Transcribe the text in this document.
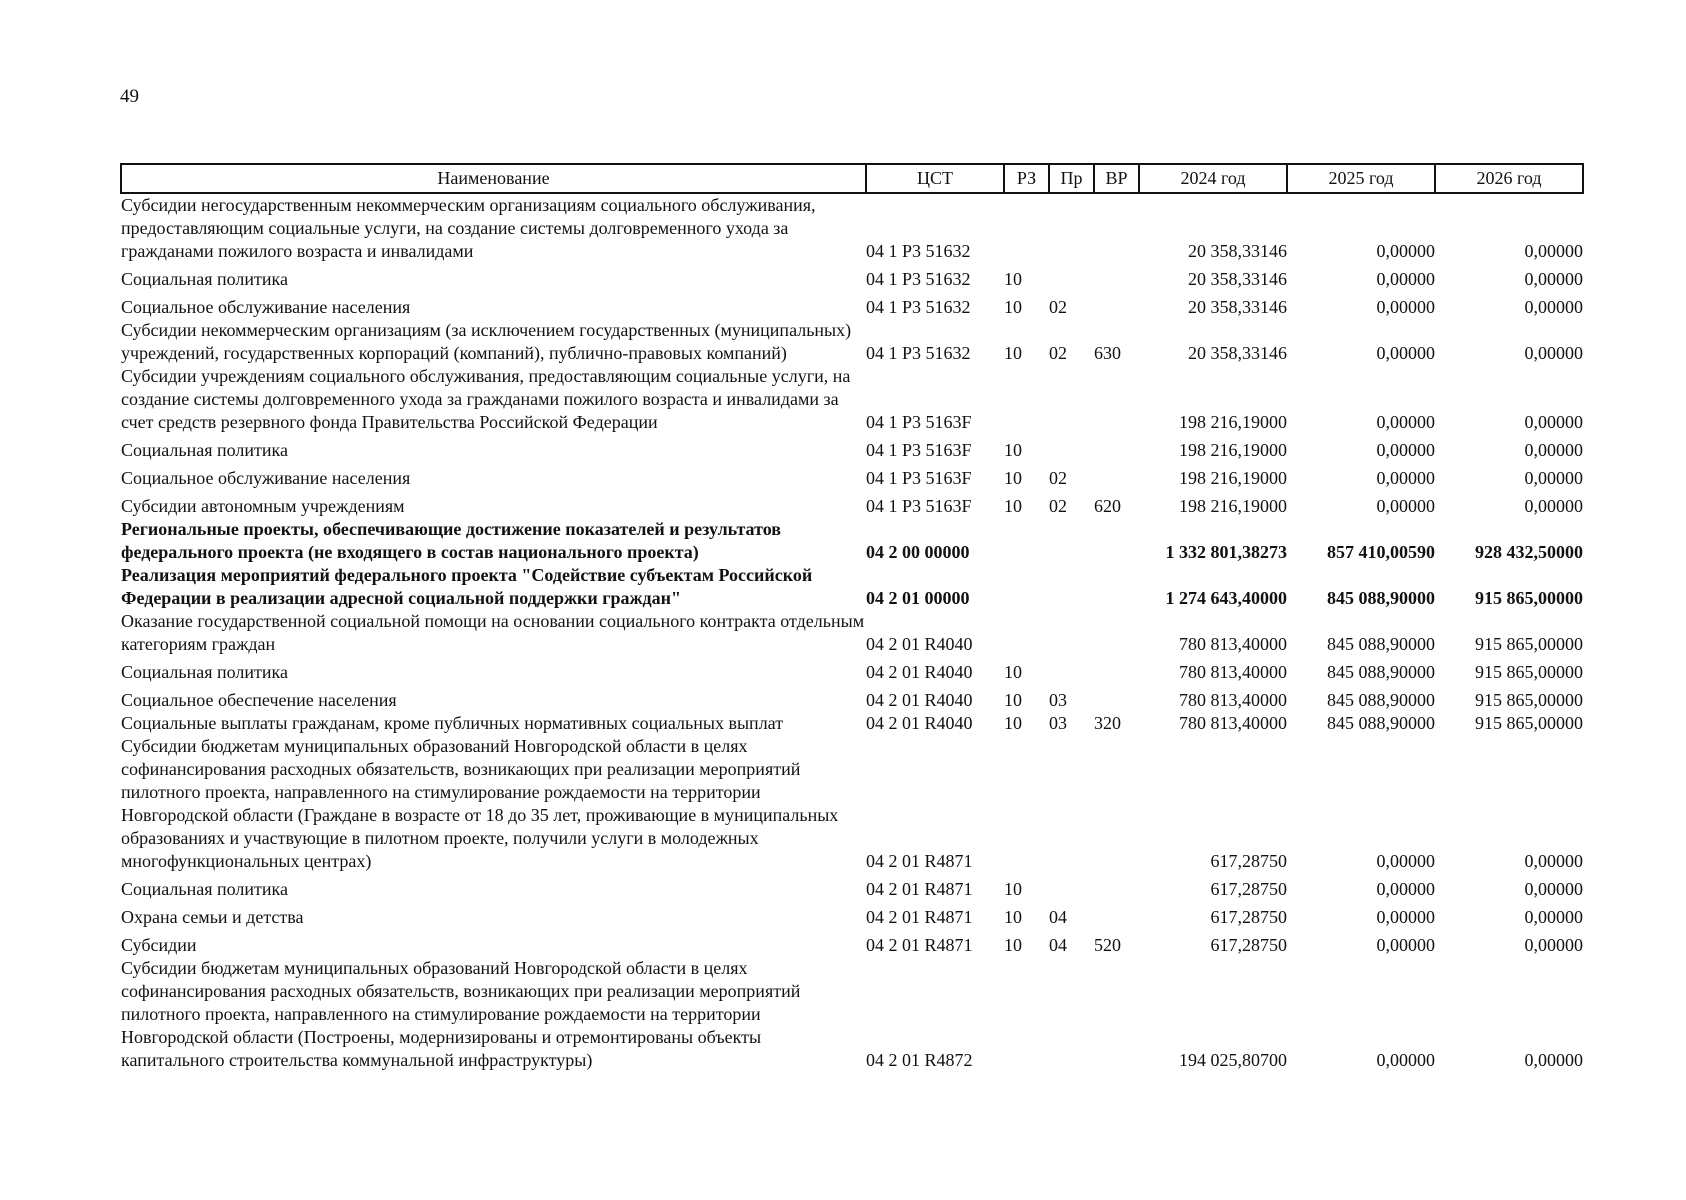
49
Наименование	ЦСТ	РЗ	Пр	ВР	2024 год	2025 год	2026 год
Субсидии негосударственным некоммерческим организациям социального обслуживания, предоставляющим социальные услуги, на создание системы долговременного ухода за гражданами пожилого возраста и инвалидами	04 1 Р3 51632				20 358,33146	0,00000	0,00000
Социальная политика	04 1 Р3 51632	10			20 358,33146	0,00000	0,00000
Социальное обслуживание населения	04 1 Р3 51632	10	02		20 358,33146	0,00000	0,00000
Субсидии некоммерческим организациям (за исключением государственных (муниципальных) учреждений, государственных корпораций (компаний), публично-правовых компаний)	04 1 Р3 51632	10	02	630	20 358,33146	0,00000	0,00000
Субсидии учреждениям социального обслуживания, предоставляющим социальные услуги, на создание системы долговременного ухода за гражданами пожилого возраста и инвалидами за счет средств резервного фонда Правительства Российской Федерации	04 1 Р3 5163F				198 216,19000	0,00000	0,00000
Социальная политика	04 1 Р3 5163F	10			198 216,19000	0,00000	0,00000
Социальное обслуживание населения	04 1 Р3 5163F	10	02		198 216,19000	0,00000	0,00000
Субсидии автономным учреждениям	04 1 Р3 5163F	10	02	620	198 216,19000	0,00000	0,00000
Региональные проекты, обеспечивающие достижение показателей и результатов федерального проекта (не входящего в состав национального проекта)	04 2 00 00000				1 332 801,38273	857 410,00590	928 432,50000
Реализация мероприятий федерального проекта "Содействие субъектам Российской Федерации в реализации адресной социальной поддержки граждан"	04 2 01 00000				1 274 643,40000	845 088,90000	915 865,00000
Оказание государственной социальной помощи на основании социального контракта отдельным категориям граждан	04 2 01 R4040				780 813,40000	845 088,90000	915 865,00000
Социальная политика	04 2 01 R4040	10			780 813,40000	845 088,90000	915 865,00000
Социальное обеспечение населения	04 2 01 R4040	10	03		780 813,40000	845 088,90000	915 865,00000
Социальные выплаты гражданам, кроме публичных нормативных социальных выплат	04 2 01 R4040	10	03	320	780 813,40000	845 088,90000	915 865,00000
Субсидии бюджетам муниципальных образований Новгородской области в целях софинансирования расходных обязательств, возникающих при реализации мероприятий пилотного проекта, направленного на стимулирование рождаемости на территории Новгородской области (Граждане в возрасте от 18 до 35 лет, проживающие в муниципальных образованиях и участвующие в пилотном проекте, получили услуги в молодежных многофункциональных центрах)	04 2 01 R4871				617,28750	0,00000	0,00000
Социальная политика	04 2 01 R4871	10			617,28750	0,00000	0,00000
Охрана семьи и детства	04 2 01 R4871	10	04		617,28750	0,00000	0,00000
Субсидии	04 2 01 R4871	10	04	520	617,28750	0,00000	0,00000
Субсидии бюджетам муниципальных образований Новгородской области в целях софинансирования расходных обязательств, возникающих при реализации мероприятий пилотного проекта, направленного на стимулирование рождаемости на территории Новгородской области (Построены, модернизированы и отремонтированы объекты капитального строительства коммунальной инфраструктуры)	04 2 01 R4872				194 025,80700	0,00000	0,00000
